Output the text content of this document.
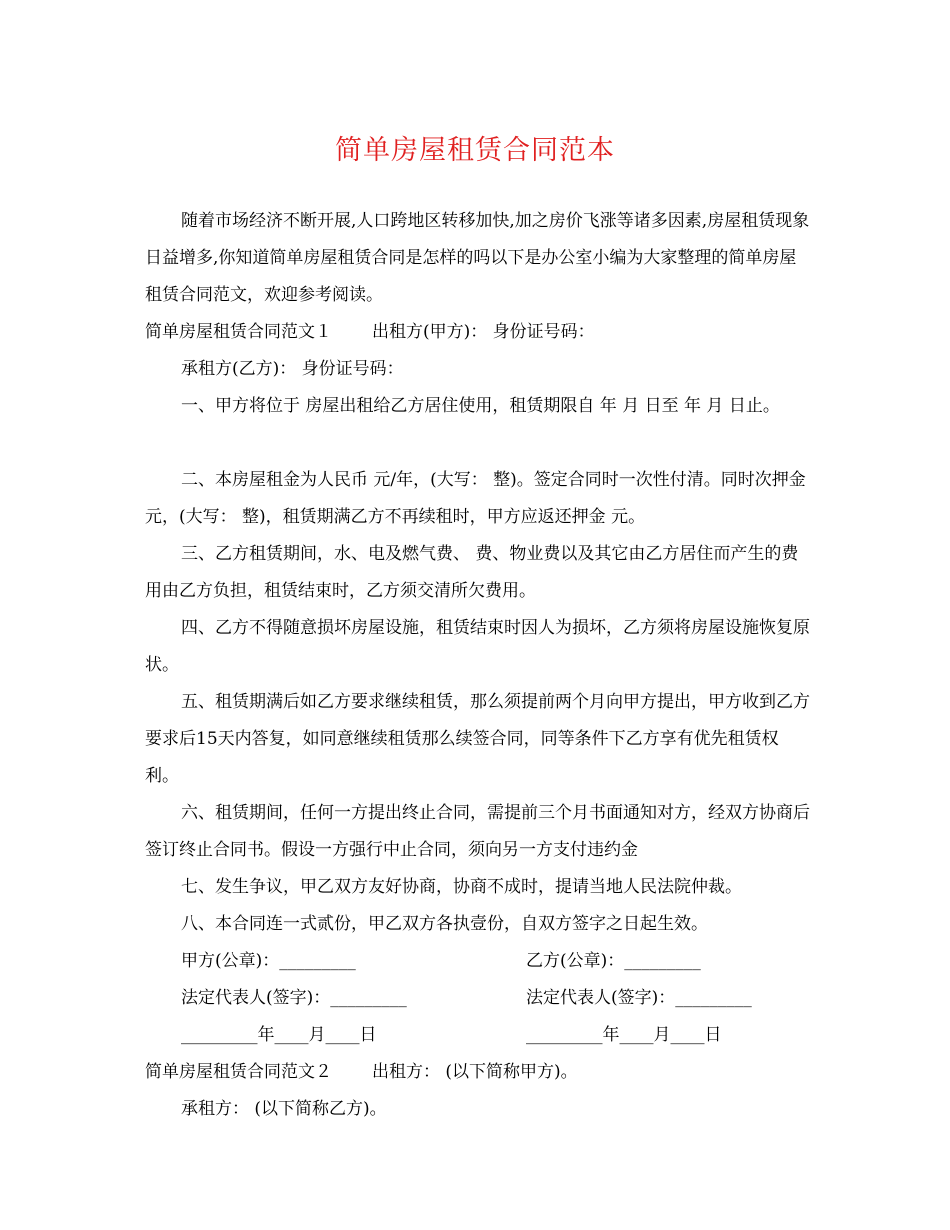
简单房屋租赁合同范本

随着市场经济不断开展,人口跨地区转移加快,加之房价飞涨等诸多因素,房屋租赁现象日益增多,你知道简单房屋租赁合同是怎样的吗以下是办公室小编为大家整理的简单房屋租赁合同范文，欢迎参考阅读。

简单房屋租赁合同范文１ 出租方(甲方)： 身份证号码：
承租方(乙方)： 身份证号码：

一、甲方将位于 房屋出租给乙方居住使用，租赁期限自 年 月 日至 年 月 日止。

二、本房屋租金为人民币 元/年，(大写： 整)。签定合同时一次性付清。同时次押金 元，(大写： 整)，租赁期满乙方不再续租时，甲方应返还押金 元。

三、乙方租赁期间，水、电及燃气费、 费、物业费以及其它由乙方居住而产生的费用由乙方负担，租赁结束时，乙方须交清所欠费用。

四、乙方不得随意损坏房屋设施，租赁结束时因人为损坏，乙方须将房屋设施恢复原状。

五、租赁期满后如乙方要求继续租赁，那么须提前两个月向甲方提出，甲方收到乙方要求后15天内答复，如同意继续租赁那么续签合同，同等条件下乙方享有优先租赁权利。

六、租赁期间，任何一方提出终止合同，需提前三个月书面通知对方，经双方协商后签订终止合同书。假设一方强行中止合同，须向另一方支付违约金

七、发生争议，甲乙双方友好协商，协商不成时，提请当地人民法院仲裁。

八、本合同连一式贰份，甲乙双方各执壹份，自双方签字之日起生效。

甲方(公章)：_________	乙方(公章)：_________
法定代表人(签字)：_________	法定代表人(签字)：_________
_________年____月____日	_________年____月____日
简单房屋租赁合同范文２ 出租方： (以下简称甲方)。
承租方： (以下简称乙方)。
